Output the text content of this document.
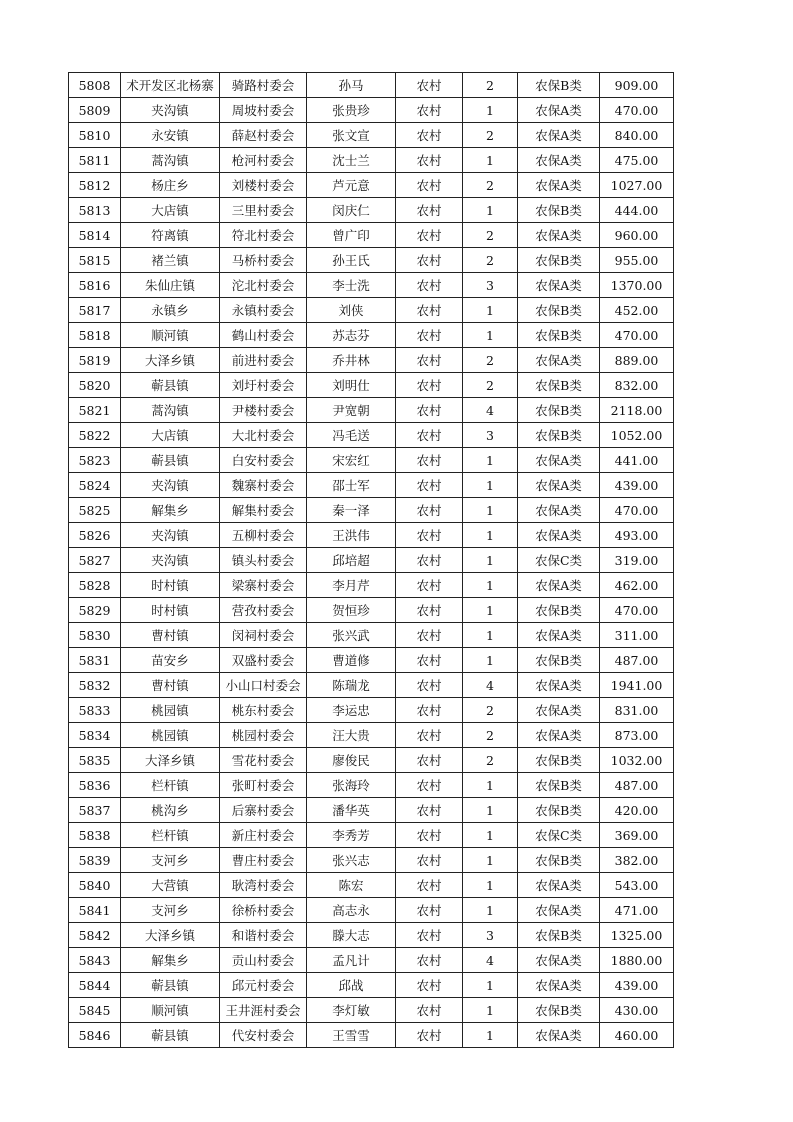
5808	术开发区北杨寨	骑路村委会	孙马	农村	2	农保B类	909.00
5809	夹沟镇	周坡村委会	张贵珍	农村	1	农保A类	470.00
5810	永安镇	薛赵村委会	张文宣	农村	2	农保A类	840.00
5811	蒿沟镇	枪河村委会	沈士兰	农村	1	农保A类	475.00
5812	杨庄乡	刘楼村委会	芦元意	农村	2	农保A类	1027.00
5813	大店镇	三里村委会	闵庆仁	农村	1	农保B类	444.00
5814	符离镇	符北村委会	曾广印	农村	2	农保A类	960.00
5815	褚兰镇	马桥村委会	孙王氏	农村	2	农保B类	955.00
5816	朱仙庄镇	沱北村委会	李士洗	农村	3	农保A类	1370.00
5817	永镇乡	永镇村委会	刘侠	农村	1	农保B类	452.00
5818	顺河镇	鹤山村委会	苏志芬	农村	1	农保B类	470.00
5819	大泽乡镇	前进村委会	乔井林	农村	2	农保A类	889.00
5820	蕲县镇	刘圩村委会	刘明仕	农村	2	农保B类	832.00
5821	蒿沟镇	尹楼村委会	尹宽朝	农村	4	农保B类	2118.00
5822	大店镇	大北村委会	冯毛送	农村	3	农保B类	1052.00
5823	蕲县镇	白安村委会	宋宏红	农村	1	农保A类	441.00
5824	夹沟镇	魏寨村委会	邵士军	农村	1	农保A类	439.00
5825	解集乡	解集村委会	秦一泽	农村	1	农保A类	470.00
5826	夹沟镇	五柳村委会	王洪伟	农村	1	农保A类	493.00
5827	夹沟镇	镇头村委会	邱培超	农村	1	农保C类	319.00
5828	时村镇	梁寨村委会	李月芹	农村	1	农保A类	462.00
5829	时村镇	营孜村委会	贺恒珍	农村	1	农保B类	470.00
5830	曹村镇	闵祠村委会	张兴武	农村	1	农保A类	311.00
5831	苗安乡	双盛村委会	曹道修	农村	1	农保B类	487.00
5832	曹村镇	小山口村委会	陈瑞龙	农村	4	农保A类	1941.00
5833	桃园镇	桃东村委会	李运忠	农村	2	农保A类	831.00
5834	桃园镇	桃园村委会	汪大贵	农村	2	农保A类	873.00
5835	大泽乡镇	雪花村委会	廖俊民	农村	2	农保B类	1032.00
5836	栏杆镇	张町村委会	张海玲	农村	1	农保B类	487.00
5837	桃沟乡	后寨村委会	潘华英	农村	1	农保B类	420.00
5838	栏杆镇	新庄村委会	李秀芳	农村	1	农保C类	369.00
5839	支河乡	曹庄村委会	张兴志	农村	1	农保B类	382.00
5840	大营镇	耿湾村委会	陈宏	农村	1	农保A类	543.00
5841	支河乡	徐桥村委会	高志永	农村	1	农保A类	471.00
5842	大泽乡镇	和谐村委会	滕大志	农村	3	农保B类	1325.00
5843	解集乡	贡山村委会	孟凡计	农村	4	农保A类	1880.00
5844	蕲县镇	邱元村委会	邱战	农村	1	农保A类	439.00
5845	顺河镇	王井涯村委会	李灯敏	农村	1	农保B类	430.00
5846	蕲县镇	代安村委会	王雪雪	农村	1	农保A类	460.00
